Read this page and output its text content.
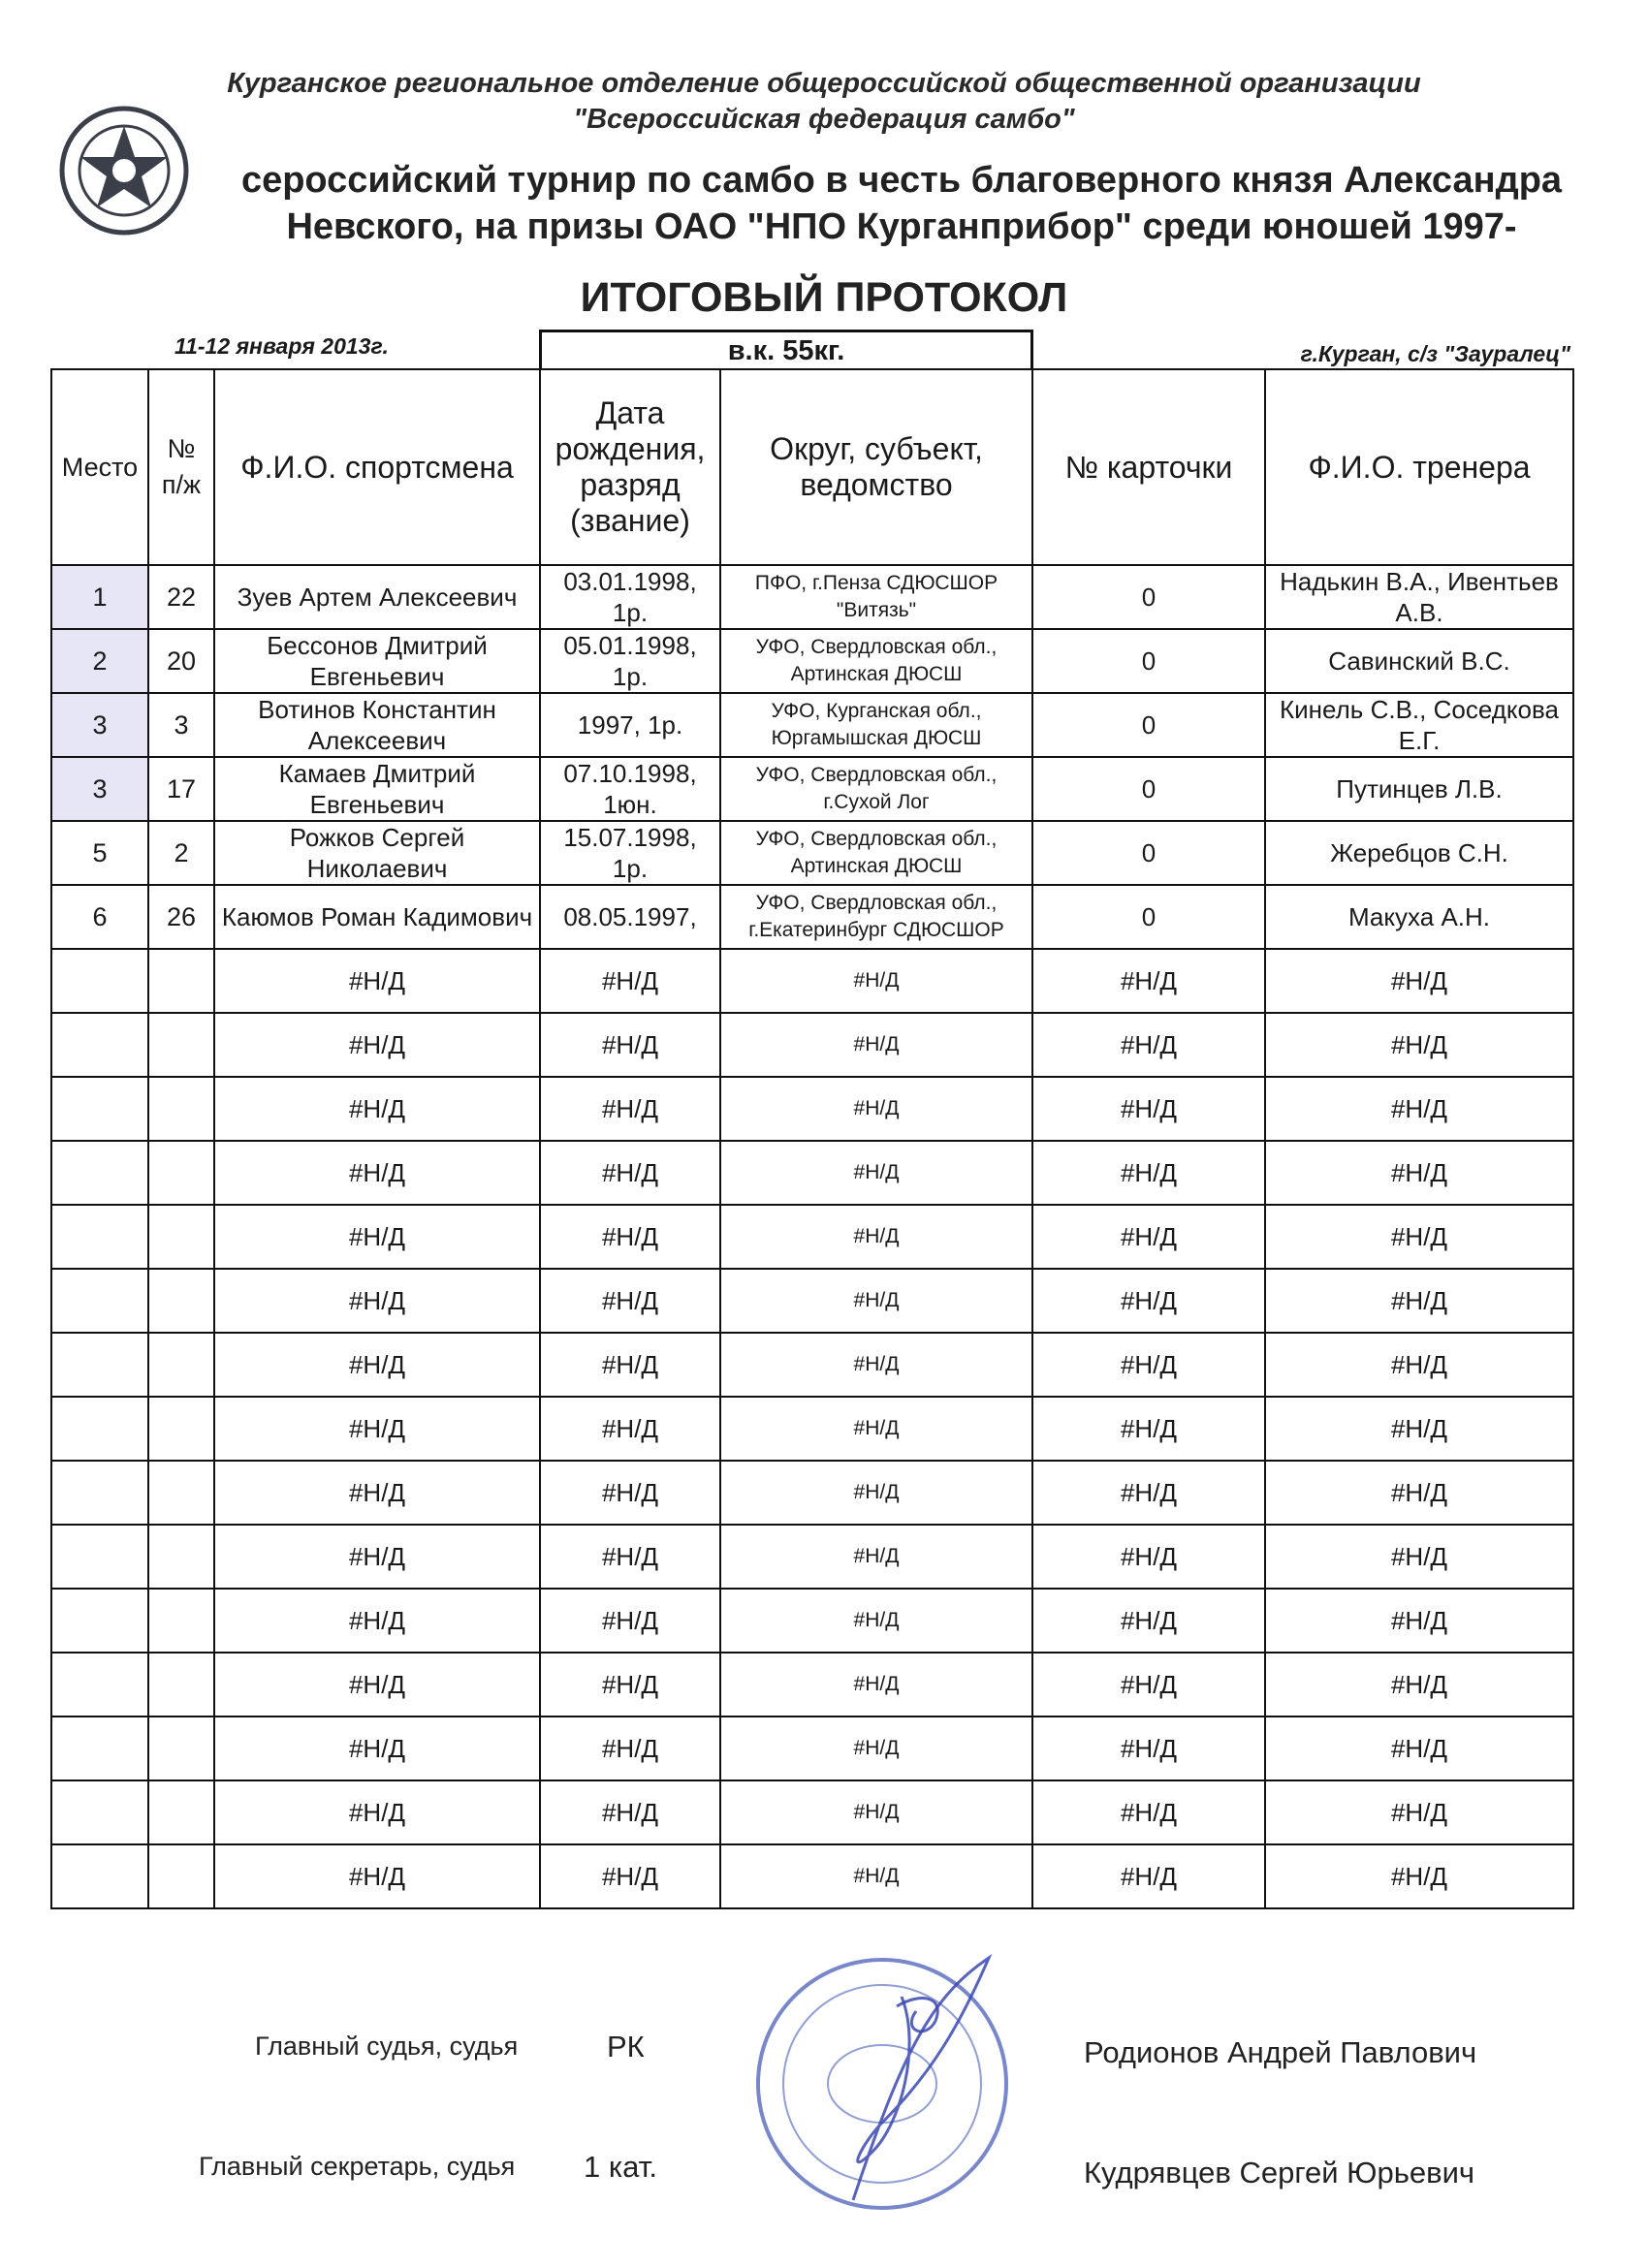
Курганское региональное отделение общероссийской общественной организации
"Всероссийская федерация самбо"
сероссийский турнир по самбо в честь благоверного князя Александра
Невского, на призы ОАО "НПО Курганприбор" среди юношей 1997-
ИТОГОВЫЙ ПРОТОКОЛ
11-12 января 2013г.	в.к. 55кг.	г.Курган, с/з "Зауралец"
Место	№ п/ж	Ф.И.О. спортсмена	Дата рождения, разряд (звание)	Округ, субъект, ведомство	№ карточки	Ф.И.О. тренера
1	22	Зуев Артем Алексеевич	03.01.1998, 1р.	ПФО, г.Пенза СДЮСШОР "Витязь"	0	Надькин В.А., Ивентьев А.В.
2	20	Бессонов Дмитрий Евгеньевич	05.01.1998, 1р.	УФО, Свердловская обл., Артинская ДЮСШ	0	Савинский В.С.
3	3	Вотинов Константин Алексеевич	1997, 1р.	УФО, Курганская обл., Юргамышская ДЮСШ	0	Кинель С.В., Соседкова Е.Г.
3	17	Камаев Дмитрий Евгеньевич	07.10.1998, 1юн.	УФО, Свердловская обл., г.Сухой Лог	0	Путинцев Л.В.
5	2	Рожков Сергей Николаевич	15.07.1998, 1р.	УФО, Свердловская обл., Артинская ДЮСШ	0	Жеребцов С.Н.
6	26	Каюмов Роман Кадимович	08.05.1997,	УФО, Свердловская обл., г.Екатеринбург СДЮСШОР	0	Макуха А.Н.
		#Н/Д	#Н/Д	#Н/Д	#Н/Д	#Н/Д
		#Н/Д	#Н/Д	#Н/Д	#Н/Д	#Н/Д
		#Н/Д	#Н/Д	#Н/Д	#Н/Д	#Н/Д
		#Н/Д	#Н/Д	#Н/Д	#Н/Д	#Н/Д
		#Н/Д	#Н/Д	#Н/Д	#Н/Д	#Н/Д
		#Н/Д	#Н/Д	#Н/Д	#Н/Д	#Н/Д
		#Н/Д	#Н/Д	#Н/Д	#Н/Д	#Н/Д
		#Н/Д	#Н/Д	#Н/Д	#Н/Д	#Н/Д
		#Н/Д	#Н/Д	#Н/Д	#Н/Д	#Н/Д
		#Н/Д	#Н/Д	#Н/Д	#Н/Д	#Н/Д
		#Н/Д	#Н/Д	#Н/Д	#Н/Д	#Н/Д
		#Н/Д	#Н/Д	#Н/Д	#Н/Д	#Н/Д
		#Н/Д	#Н/Д	#Н/Д	#Н/Д	#Н/Д
		#Н/Д	#Н/Д	#Н/Д	#Н/Д	#Н/Д
		#Н/Д	#Н/Д	#Н/Д	#Н/Д	#Н/Д
Главный судья, судья	РК	Родионов Андрей Павлович
Главный секретарь, судья 1 кат.	Кудрявцев Сергей Юрьевич
